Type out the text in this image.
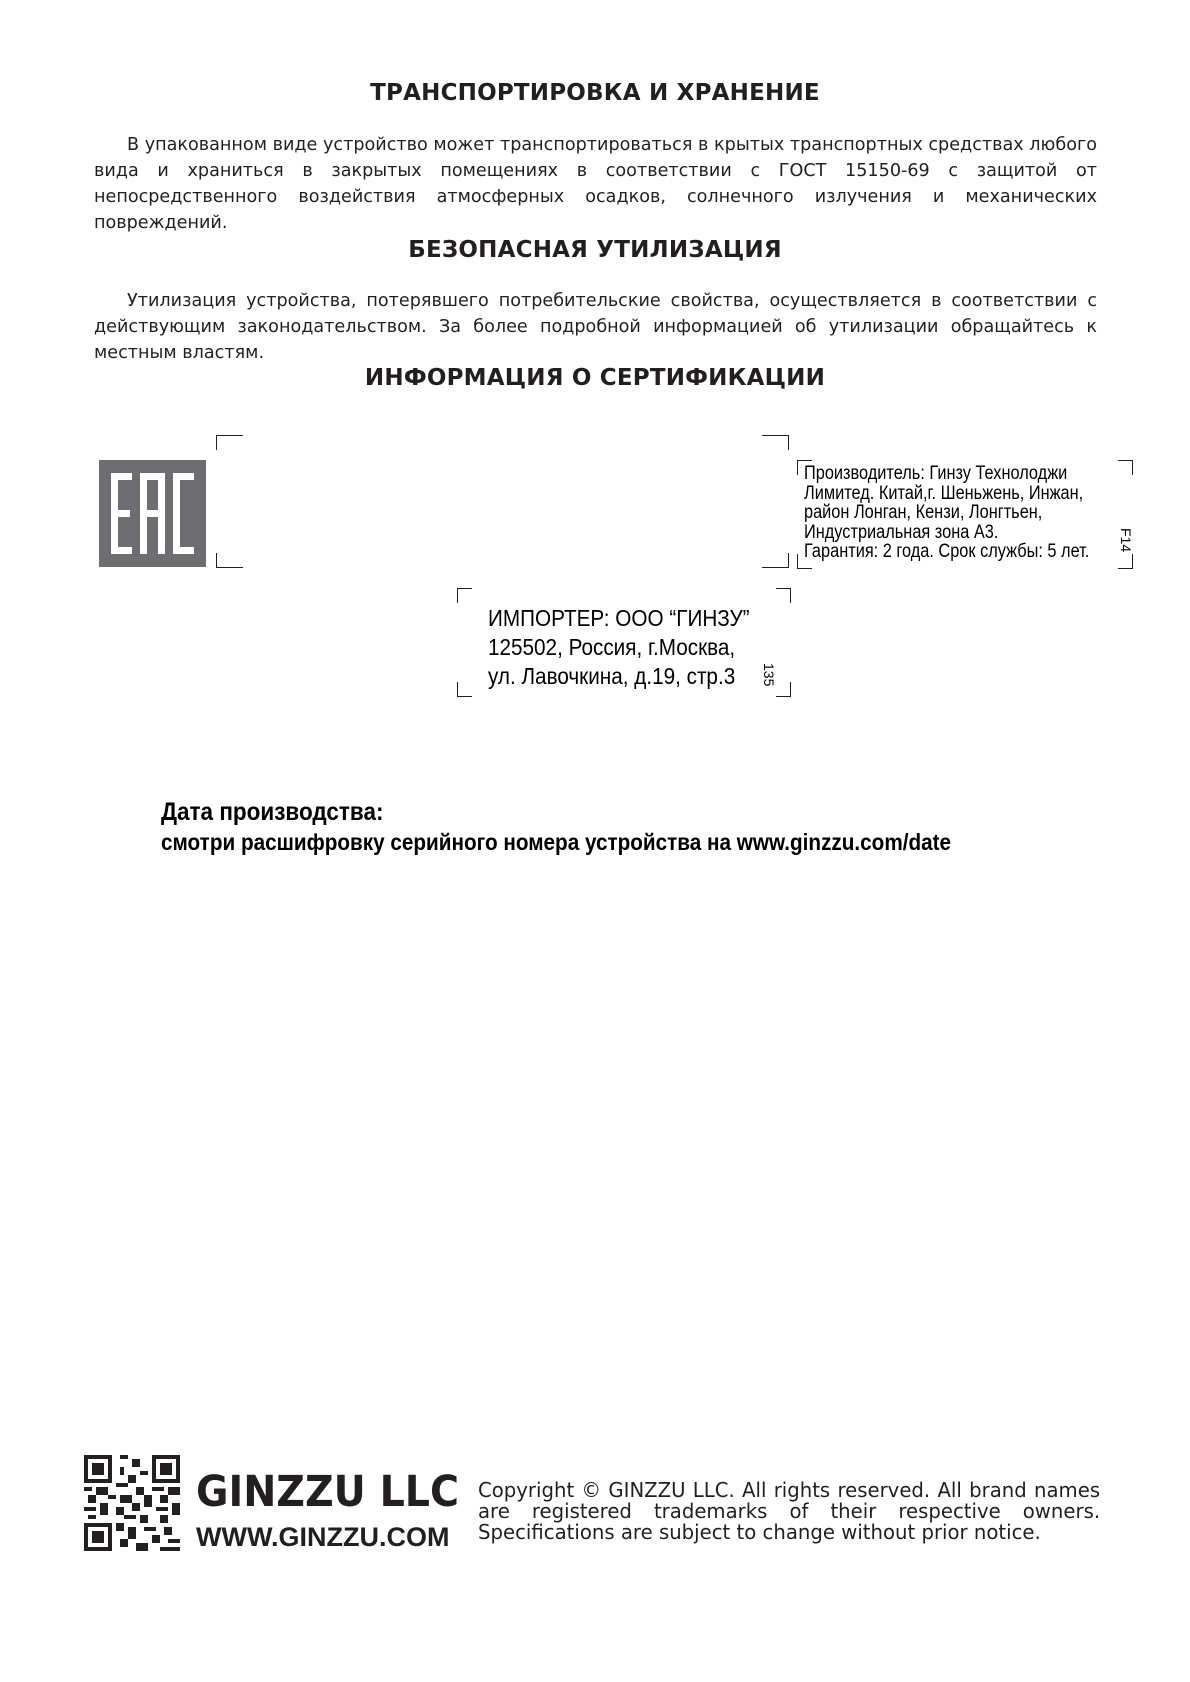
ТРАНСПОРТИРОВКА И ХРАНЕНИЕ
В упакованном виде устройство может транспортироваться в крытых транспортных средствах любого вида и храниться в закрытых помещениях в соответствии с ГОСТ 15150-69 с защитой от непосредственного воздействия атмосферных осадков, солнечного излучения и механических повреждений.
БЕЗОПАСНАЯ УТИЛИЗАЦИЯ
Утилизация устройства, потерявшего потребительские свойства, осуществляется в соответствии с действующим законодательством. За более подробной информацией об утилизации обращайтесь к местным властям.
ИНФОРМАЦИЯ О СЕРТИФИКАЦИИ
Производитель: Гинзу Технолоджи
Лимитед. Китай,г. Шеньжень, Инжан,
район Лонган, Кензи, Лонгтьен,
Индустриальная зона А3.
Гарантия: 2 года. Срок службы: 5 лет. F14
ИМПОРТЕР: ООО “ГИНЗУ”
125502, Россия, г.Москва,
ул. Лавочкина, д.19, стр.3	135
Дата производства:
смотри расшифровку серийного номера устройства на www.ginzzu.com/date
GINZZU LLC
WWW.GINZZU.COM
Copyright © GINZZU LLC. All rights reserved. All brand names are registered trademarks of their respective owners. Specifications are subject to change without prior notice.
